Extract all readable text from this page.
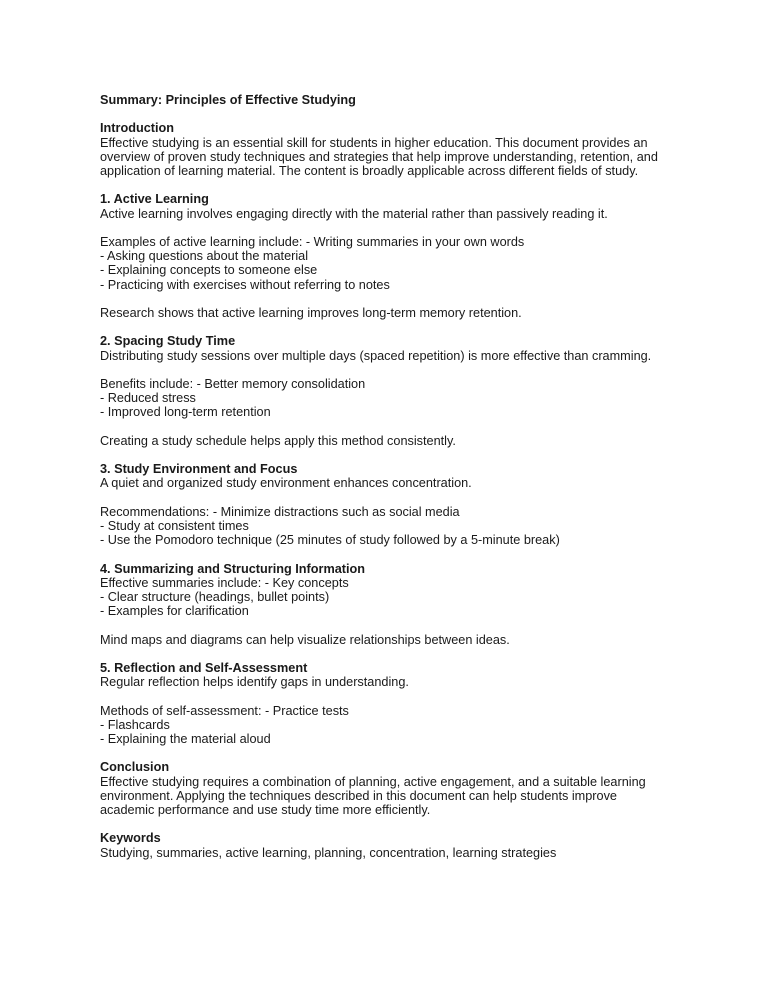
Summary: Principles of Effective Studying
Introduction
Effective studying is an essential skill for students in higher education. This document provides an
overview of proven study techniques and strategies that help improve understanding, retention, and
application of learning material. The content is broadly applicable across different fields of study.
1. Active Learning
Active learning involves engaging directly with the material rather than passively reading it.
Examples of active learning include: - Writing summaries in your own words
- Asking questions about the material
- Explaining concepts to someone else
- Practicing with exercises without referring to notes
Research shows that active learning improves long-term memory retention.
2. Spacing Study Time
Distributing study sessions over multiple days (spaced repetition) is more effective than cramming.
Benefits include: - Better memory consolidation
- Reduced stress
- Improved long-term retention
Creating a study schedule helps apply this method consistently.
3. Study Environment and Focus
A quiet and organized study environment enhances concentration.
Recommendations: - Minimize distractions such as social media
- Study at consistent times
- Use the Pomodoro technique (25 minutes of study followed by a 5-minute break)
4. Summarizing and Structuring Information
Effective summaries include: - Key concepts
- Clear structure (headings, bullet points)
- Examples for clarification
Mind maps and diagrams can help visualize relationships between ideas.
5. Reflection and Self-Assessment
Regular reflection helps identify gaps in understanding.
Methods of self-assessment: - Practice tests
- Flashcards
- Explaining the material aloud
Conclusion
Effective studying requires a combination of planning, active engagement, and a suitable learning
environment. Applying the techniques described in this document can help students improve
academic performance and use study time more efficiently.
Keywords
Studying, summaries, active learning, planning, concentration, learning strategies
